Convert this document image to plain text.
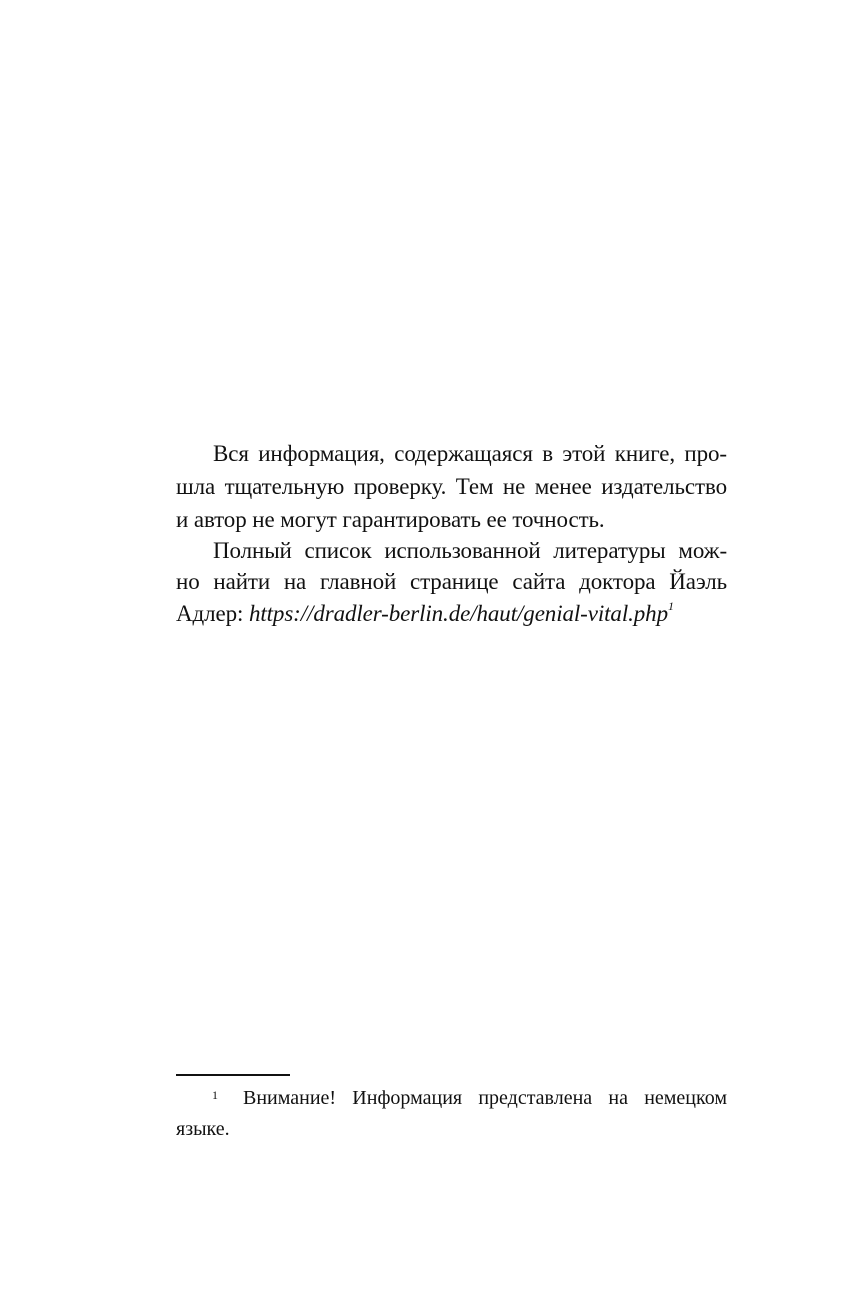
Вся информация, содержащаяся в этой книге, про-
шла тщательную проверку. Тем не менее издательство
и автор не могут гарантировать ее точность.
Полный список использованной литературы мож-
но найти на главной странице сайта доктора Йаэль
Адлер: https://dradler-berlin.de/haut/genial-vital.php$^1$
1 Внимание! Информация представлена на немецком
языке.
